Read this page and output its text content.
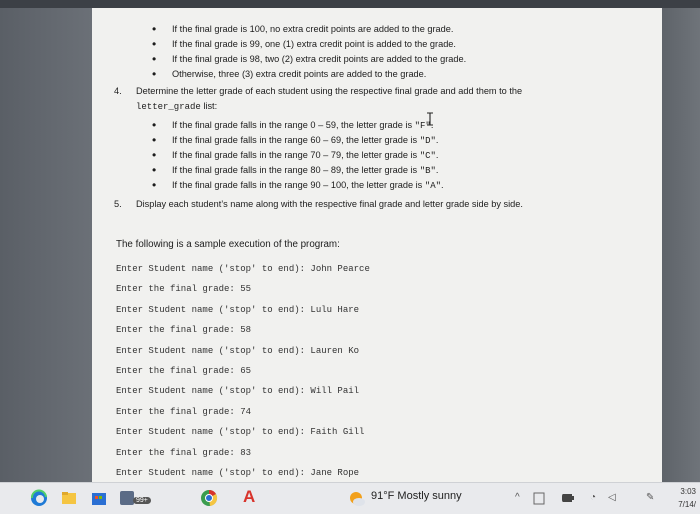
• If the final grade is 100, no extra credit points are added to the grade.
• If the final grade is 99, one (1) extra credit point is added to the grade.
• If the final grade is 98, two (2) extra credit points are added to the grade.
• Otherwise, three (3) extra credit points are added to the grade.
4. Determine the letter grade of each student using the respective final grade and add them to the
letter_grade list:
• If the final grade falls in the range 0 – 59, the letter grade is "F".
• If the final grade falls in the range 60 – 69, the letter grade is "D".
• If the final grade falls in the range 70 – 79, the letter grade is "C".
• If the final grade falls in the range 80 – 89, the letter grade is "B".
• If the final grade falls in the range 90 – 100, the letter grade is "A".
5. Display each student’s name along with the respective final grade and letter grade side by side.
The following is a sample execution of the program:
Enter Student name ('stop' to end): John Pearce
Enter the final grade: 55
Enter Student name ('stop' to end): Lulu Hare
Enter the final grade: 58
Enter Student name ('stop' to end): Lauren Ko
Enter the final grade: 65
Enter Student name ('stop' to end): Will Pail
Enter the final grade: 74
Enter Student name ('stop' to end): Faith Gill
Enter the final grade: 83
Enter Student name ('stop' to end): Jane Rope
99+	A	91°F Mostly sunny	^	◔ ◁	✎
3:03
7/14/
